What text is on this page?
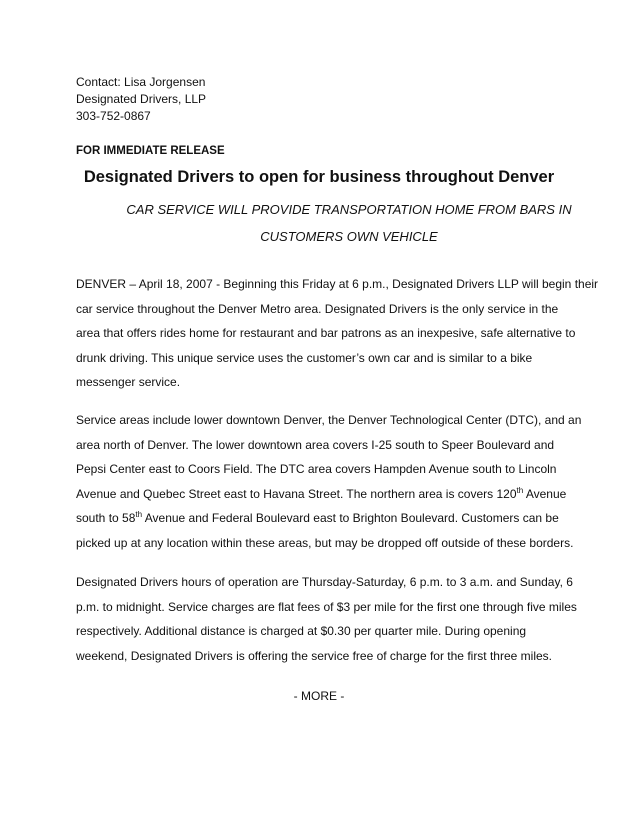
Contact: Lisa Jorgensen
Designated Drivers, LLP
303-752-0867
FOR IMMEDIATE RELEASE
Designated Drivers to open for business throughout Denver
CAR SERVICE WILL PROVIDE TRANSPORTATION HOME FROM BARS IN
CUSTOMERS OWN VEHICLE
DENVER – April 18, 2007 - Beginning this Friday at 6 p.m., Designated Drivers LLP will begin their
car service throughout the Denver Metro area. Designated Drivers is the only service in the
area that offers rides home for restaurant and bar patrons as an inexpesive, safe alternative to
drunk driving. This unique service uses the customer’s own car and is similar to a bike
messenger service.
Service areas include lower downtown Denver, the Denver Technological Center (DTC), and an
area north of Denver. The lower downtown area covers I-25 south to Speer Boulevard and
Pepsi Center east to Coors Field. The DTC area covers Hampden Avenue south to Lincoln
Avenue and Quebec Street east to Havana Street. The northern area is covers 120th Avenue
south to 58th Avenue and Federal Boulevard east to Brighton Boulevard. Customers can be
picked up at any location within these areas, but may be dropped off outside of these borders.
Designated Drivers hours of operation are Thursday-Saturday, 6 p.m. to 3 a.m. and Sunday, 6
p.m. to midnight. Service charges are flat fees of $3 per mile for the first one through five miles
respectively. Additional distance is charged at $0.30 per quarter mile. During opening
weekend, Designated Drivers is offering the service free of charge for the first three miles.
- MORE -
